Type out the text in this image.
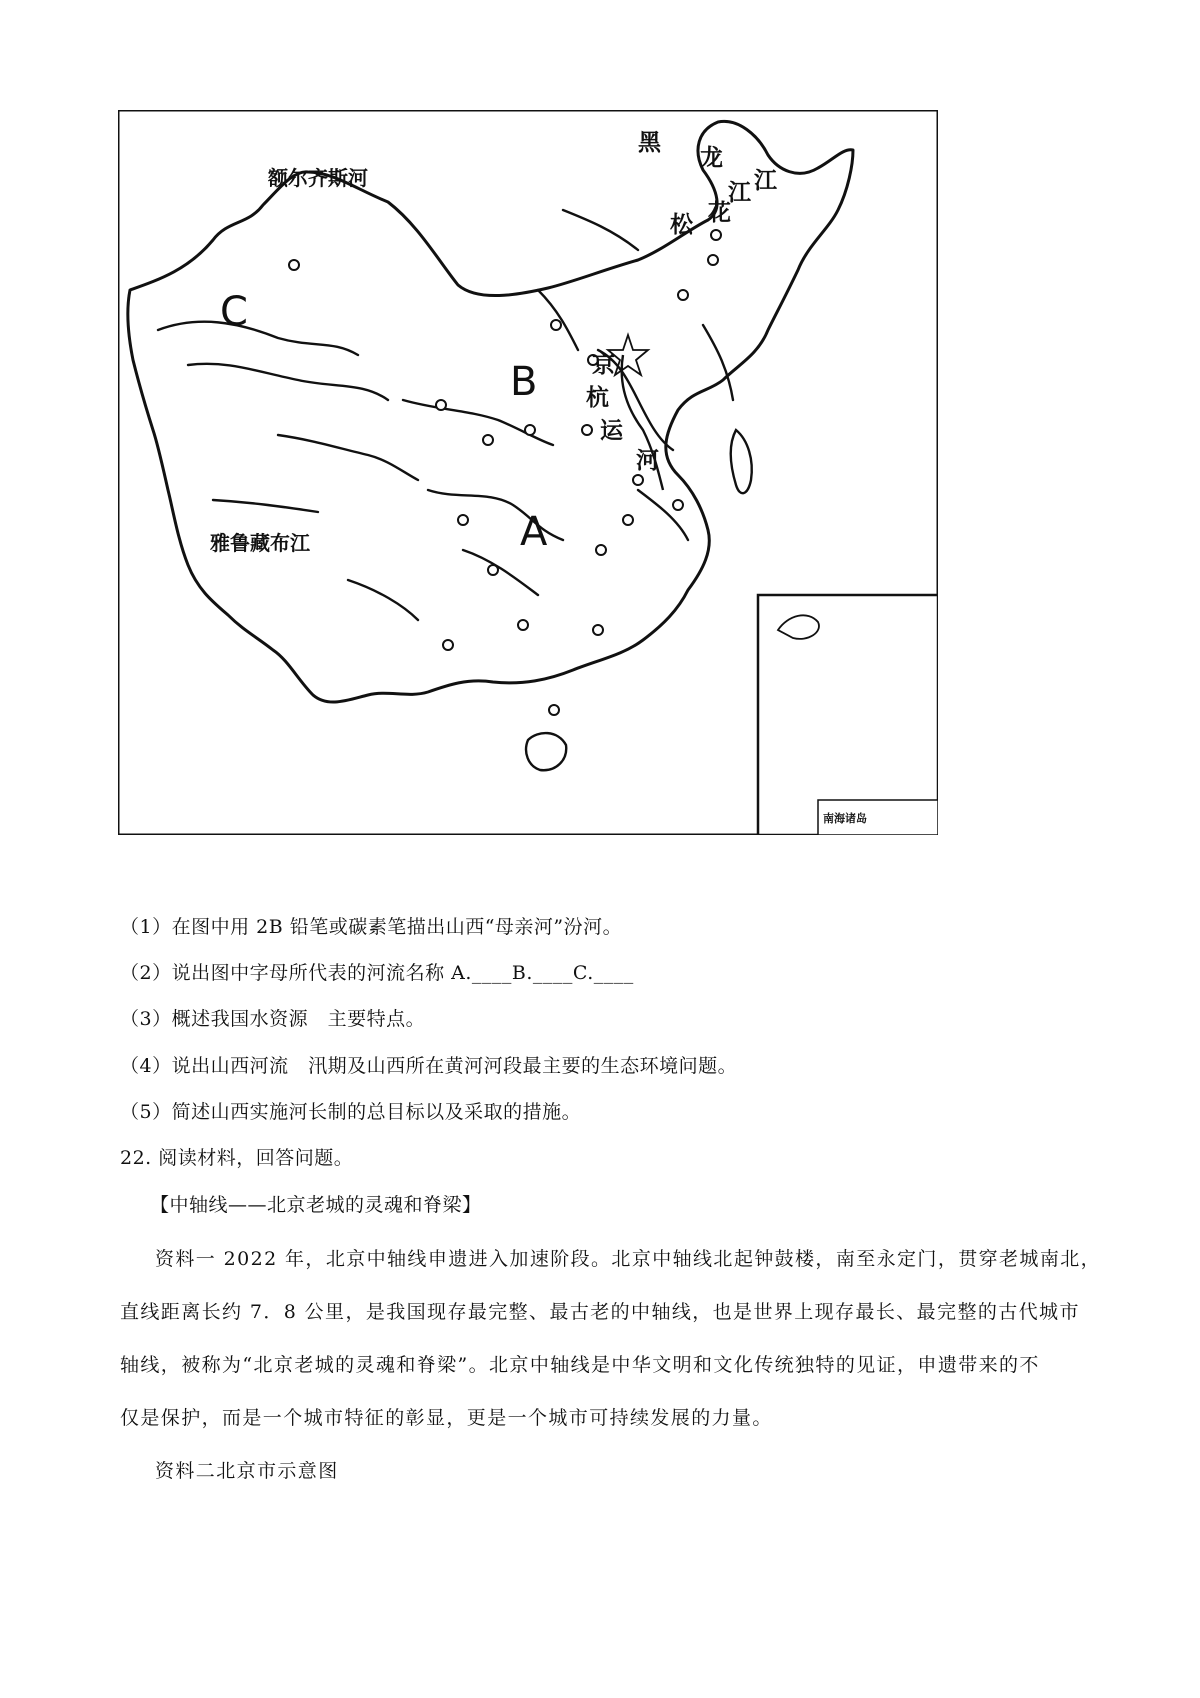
黑
龙
江
松 花
江
额尔齐斯河
雅鲁藏布江
京
杭
运
河
B
C
A
南海诸岛
（1）在图中用 2B 铅笔或碳素笔描出山西“母亲河”汾河。
（2）说出图中字母所代表的河流名称 A.____B.____C.____
（3）概述我国水资源　主要特点。
（4）说出山西河流　汛期及山西所在黄河河段最主要的生态环境问题。
（5）简述山西实施河长制的总目标以及采取的措施。
22. 阅读材料，回答问题。
【中轴线——北京老城的灵魂和脊梁】
资料一 2022 年，北京中轴线申遗进入加速阶段。北京中轴线北起钟鼓楼，南至永定门，贯穿老城南北，
直线距离长约 7．8 公里，是我国现存最完整、最古老的中轴线，也是世界上现存最长、最完整的古代城市
轴线，被称为“北京老城的灵魂和脊梁”。北京中轴线是中华文明和文化传统独特的见证，申遗带来的不
仅是保护，而是一个城市特征的彰显，更是一个城市可持续发展的力量。
资料二北京市示意图
